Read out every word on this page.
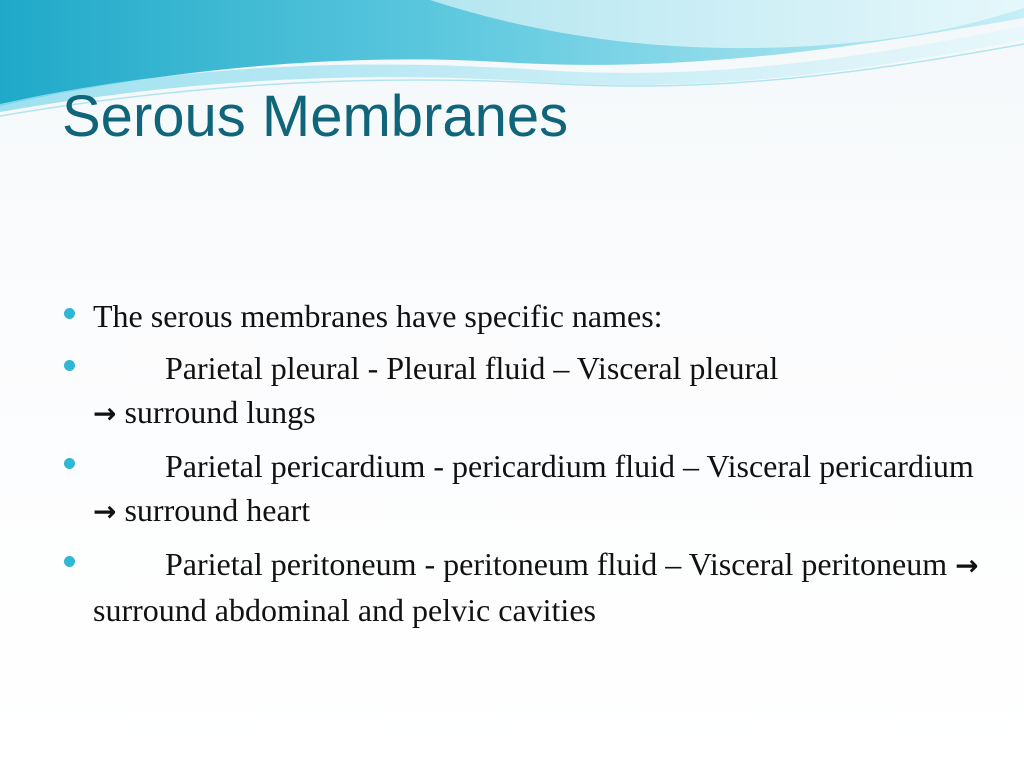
Serous Membranes
The serous membranes have specific names:
Parietal pleural - Pleural fluid – Visceral pleural
→ surround lungs
Parietal pericardium - pericardium fluid – Visceral pericardium → surround heart
Parietal peritoneum - peritoneum fluid – Visceral peritoneum → surround abdominal and pelvic cavities
